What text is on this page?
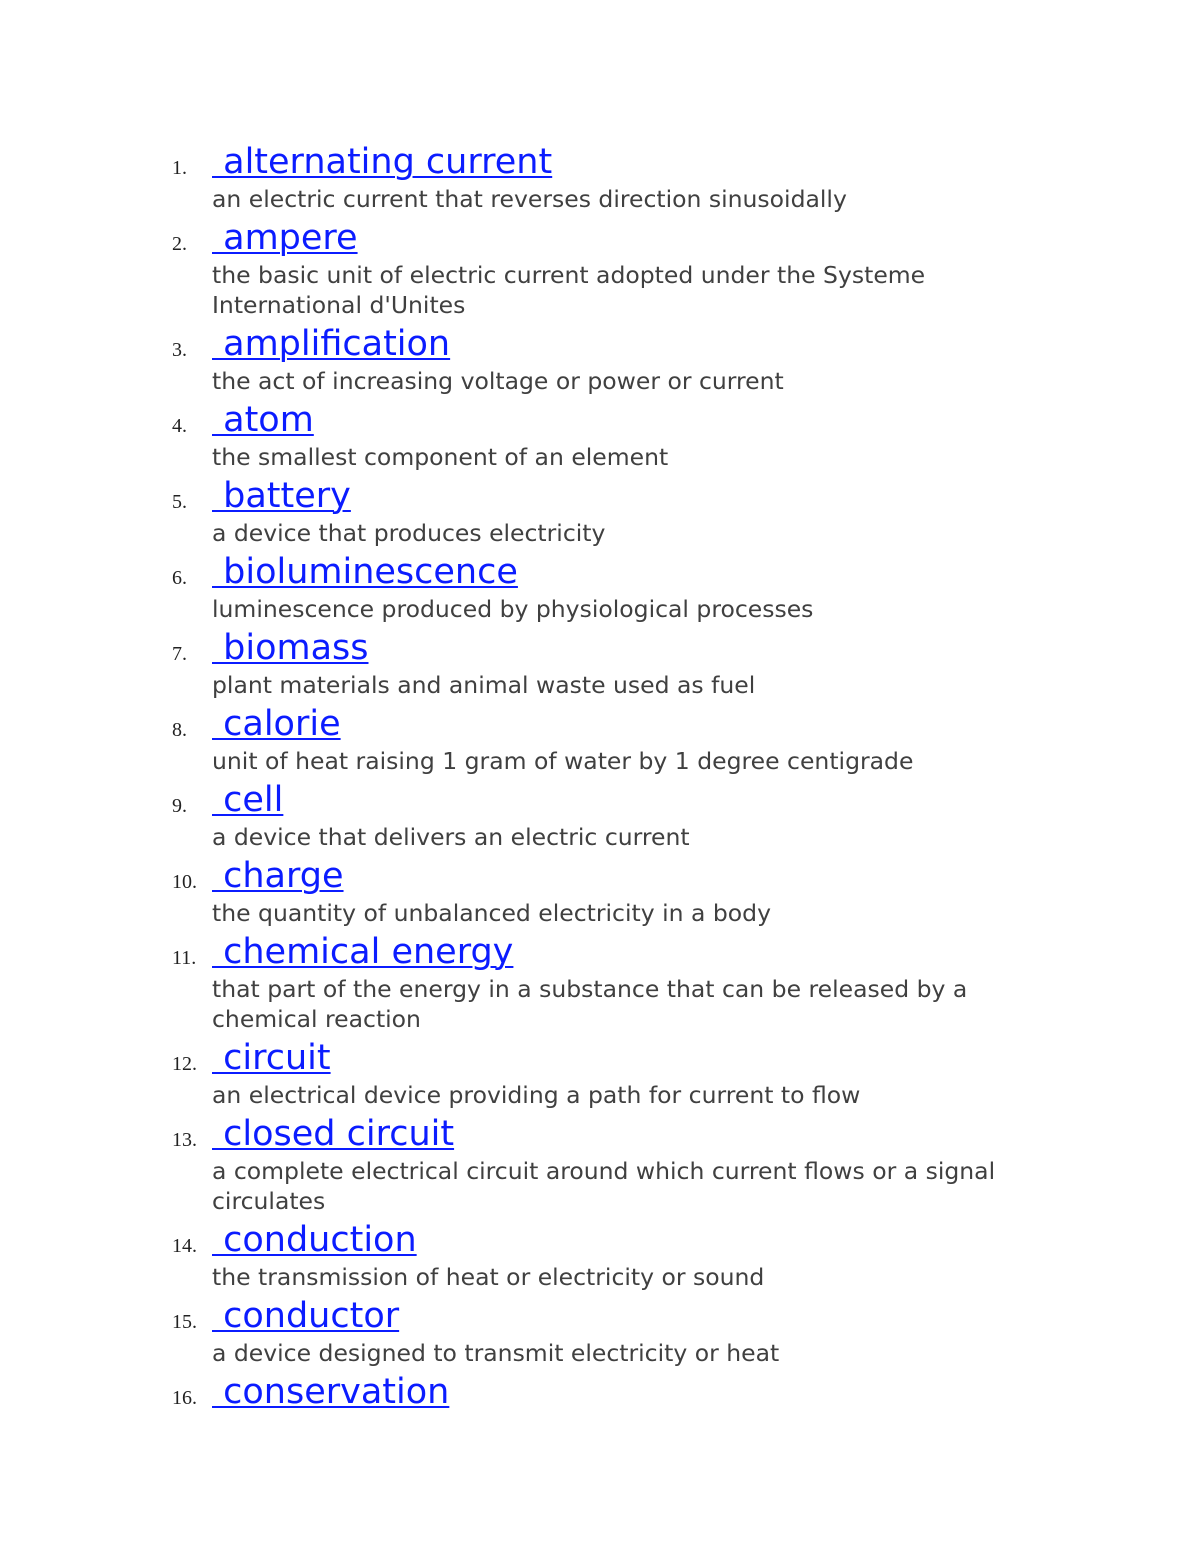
1. alternating current
an electric current that reverses direction sinusoidally
2. ampere
the basic unit of electric current adopted under the Systeme International d'Unites
3. amplification
the act of increasing voltage or power or current
4. atom
the smallest component of an element
5. battery
a device that produces electricity
6. bioluminescence
luminescence produced by physiological processes
7. biomass
plant materials and animal waste used as fuel
8. calorie
unit of heat raising 1 gram of water by 1 degree centigrade
9. cell
a device that delivers an electric current
10. charge
the quantity of unbalanced electricity in a body
11. chemical energy
that part of the energy in a substance that can be released by a chemical reaction
12. circuit
an electrical device providing a path for current to flow
13. closed circuit
a complete electrical circuit around which current flows or a signal circulates
14. conduction
the transmission of heat or electricity or sound
15. conductor
a device designed to transmit electricity or heat
16. conservation
